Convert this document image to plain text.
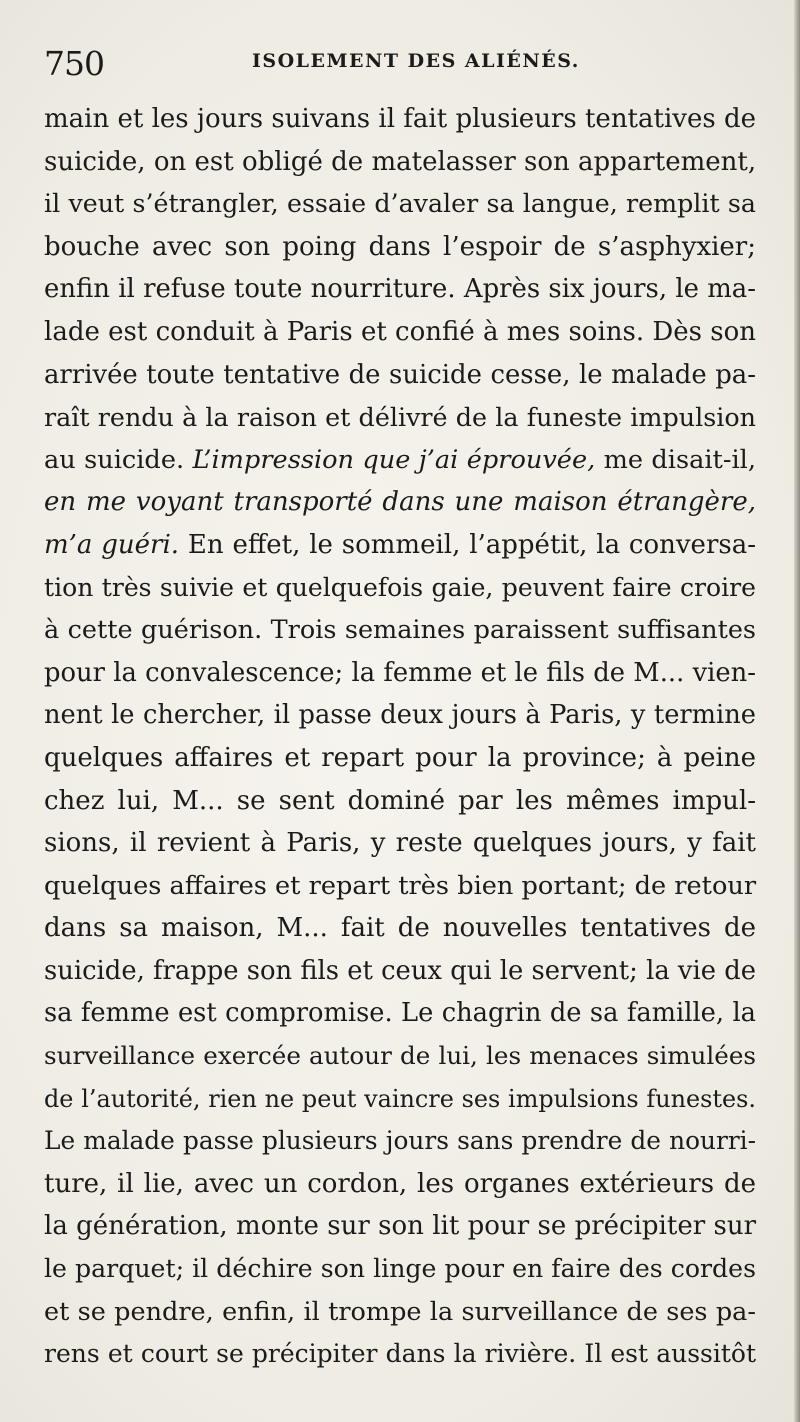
750	ISOLEMENT DES ALIÉNÉS.
main et les jours suivans il fait plusieurs tentatives de
suicide, on est obligé de matelasser son appartement,
il veut s’étrangler, essaie d’avaler sa langue, remplit sa
bouche avec son poing dans l’espoir de s’asphyxier;
enfin il refuse toute nourriture. Après six jours, le ma-
lade est conduit à Paris et confié à mes soins. Dès son
arrivée toute tentative de suicide cesse, le malade pa-
raît rendu à la raison et délivré de la funeste impulsion
au suicide. L’impression que j’ai éprouvée, me disait-il,
en me voyant transporté dans une maison étrangère,
m’a guéri. En effet, le sommeil, l’appétit, la conversa-
tion très suivie et quelquefois gaie, peuvent faire croire
à cette guérison. Trois semaines paraissent suffisantes
pour la convalescence; la femme et le fils de M... vien-
nent le chercher, il passe deux jours à Paris, y termine
quelques affaires et repart pour la province; à peine
chez lui, M... se sent dominé par les mêmes impul-
sions, il revient à Paris, y reste quelques jours, y fait
quelques affaires et repart très bien portant; de retour
dans sa maison, M... fait de nouvelles tentatives de
suicide, frappe son fils et ceux qui le servent; la vie de
sa femme est compromise. Le chagrin de sa famille, la
surveillance exercée autour de lui, les menaces simulées
de l’autorité, rien ne peut vaincre ses impulsions funestes.
Le malade passe plusieurs jours sans prendre de nourri-
ture, il lie, avec un cordon, les organes extérieurs de
la génération, monte sur son lit pour se précipiter sur
le parquet; il déchire son linge pour en faire des cordes
et se pendre, enfin, il trompe la surveillance de ses pa-
rens et court se précipiter dans la rivière. Il est aussitôt
